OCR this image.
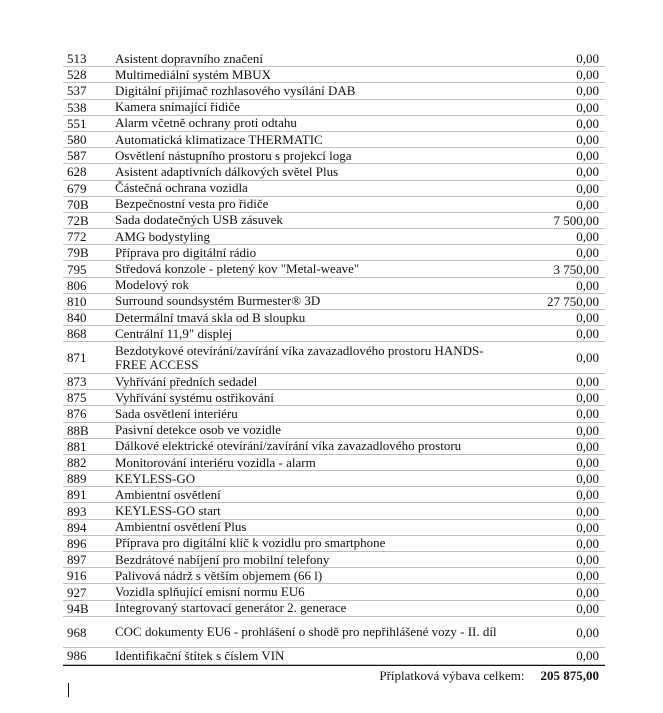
513	Asistent dopravního značení	0,00
528	Multimediální systém MBUX	0,00
537	Digitální přijímač rozhlasového vysílání DAB	0,00
538	Kamera snímající řidiče	0,00
551	Alarm včetně ochrany proti odtahu	0,00
580	Automatická klimatizace THERMATIC	0,00
587	Osvětlení nástupního prostoru s projekcí loga	0,00
628	Asistent adaptivních dálkových světel Plus	0,00
679	Částečná ochrana vozidla	0,00
70B	Bezpečnostní vesta pro řidiče	0,00
72B	Sada dodatečných USB zásuvek	7 500,00
772	AMG bodystyling	0,00
79B	Příprava pro digitální rádio	0,00
795	Středová konzole - pletený kov "Metal-weave"	3 750,00
806	Modelový rok	0,00
810	Surround soundsystém Burmester® 3D	27 750,00
840	Determální tmavá skla od B sloupku	0,00
868	Centrální 11,9" displej	0,00
871	Bezdotykové otevírání/zavírání víka zavazadlového prostoru HANDS-FREE ACCESS	0,00
873	Vyhřívání předních sedadel	0,00
875	Vyhřívání systému ostřikování	0,00
876	Sada osvětlení interiéru	0,00
88B	Pasivní detekce osob ve vozidle	0,00
881	Dálkové elektrické otevírání/zavírání víka zavazadlového prostoru	0,00
882	Monitorování interiéru vozidla - alarm	0,00
889	KEYLESS-GO	0,00
891	Ambientní osvětlení	0,00
893	KEYLESS-GO start	0,00
894	Ambientní osvětlení Plus	0,00
896	Příprava pro digitální klíč k vozidlu pro smartphone	0,00
897	Bezdrátové nabíjení pro mobilní telefony	0,00
916	Palivová nádrž s větším objemem (66 l)	0,00
927	Vozidla splňující emisní normu EU6	0,00
94B	Integrovaný startovací generátor 2. generace	0,00
968	COC dokumenty EU6 - prohlášení o shodě pro nepřihlášené vozy - II. díl	0,00
986	Identifikační štítek s číslem VIN	0,00
Příplatková výbava celkem: 205 875,00
